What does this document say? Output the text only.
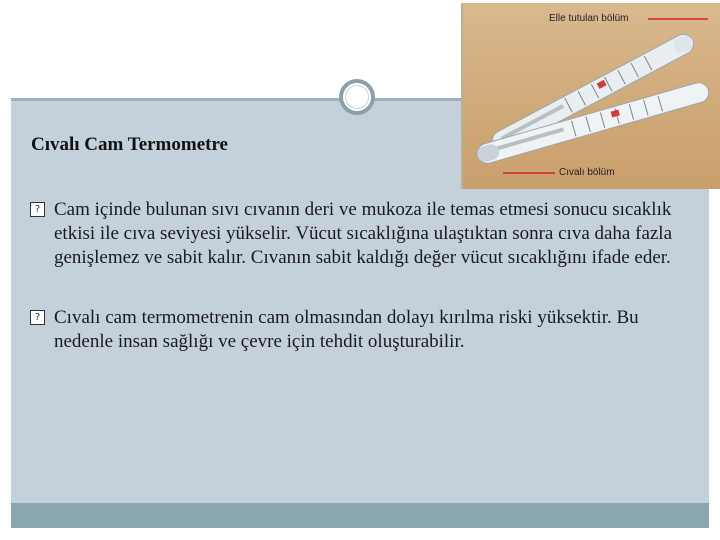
Cıvalı Cam Termometre
Elle tutulan bölüm
Cıvalı bölüm

? Cam içinde bulunan sıvı cıvanın deri ve mukoza ile temas etmesi sonucu sıcaklık etkisi ile cıva seviyesi yükselir. Vücut sıcaklığına ulaştıktan sonra cıva daha fazla genişlemez ve sabit kalır. Cıvanın sabit kaldığı değer vücut sıcaklığını ifade eder.

? Cıvalı cam termometrenin cam olmasından dolayı kırılma riski yüksektir. Bu nedenle insan sağlığı ve çevre için tehdit oluşturabilir.
